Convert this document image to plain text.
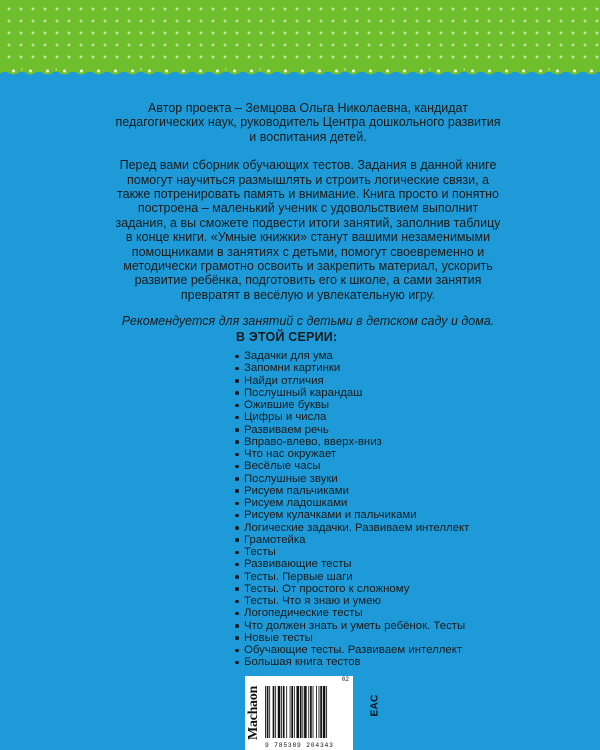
Автор проекта – Земцова Ольга Николаевна, кандидат педагогических наук, руководитель Центра дошкольного развития и воспитания детей.

Перед вами сборник обучающих тестов. Задания в данной книге помогут научиться размышлять и строить логические связи, а также потренировать память и внимание. Книга просто и понятно построена – маленький ученик с удовольствием выполнит задания, а вы сможете подвести итоги занятий, заполнив таблицу в конце книги. «Умные книжки» станут вашими незаменимыми помощниками в занятиях с детьми, помогут своевременно и методически грамотно освоить и закрепить материал, ускорить развитие ребёнка, подготовить его к школе, а сами занятия превратят в весёлую и увлекательную игру.

Рекомендуется для занятий с детьми в детском саду и дома.

В ЭТОЙ СЕРИИ:
Задачки для ума
Запомни картинки
Найди отличия
Послушный карандаш
Ожившие буквы
Цифры и числа
Развиваем речь
Вправо-влево, вверх-вниз
Что нас окружает
Весёлые часы
Послушные звуки
Рисуем пальчиками
Рисуем ладошками
Рисуем кулачками и пальчиками
Логические задачки. Развиваем интеллект
Грамотейка
Тесты
Развивающие тесты
Тесты. Первые шаги
Тесты. От простого к сложному
Тесты. Что я знаю и умею
Логопедические тесты
Что должен знать и уметь ребёнок. Тесты
Новые тесты
Обучающие тесты. Развиваем интеллект
Большая книга тестов
Machaon
02
9 785389 204343
EAC
